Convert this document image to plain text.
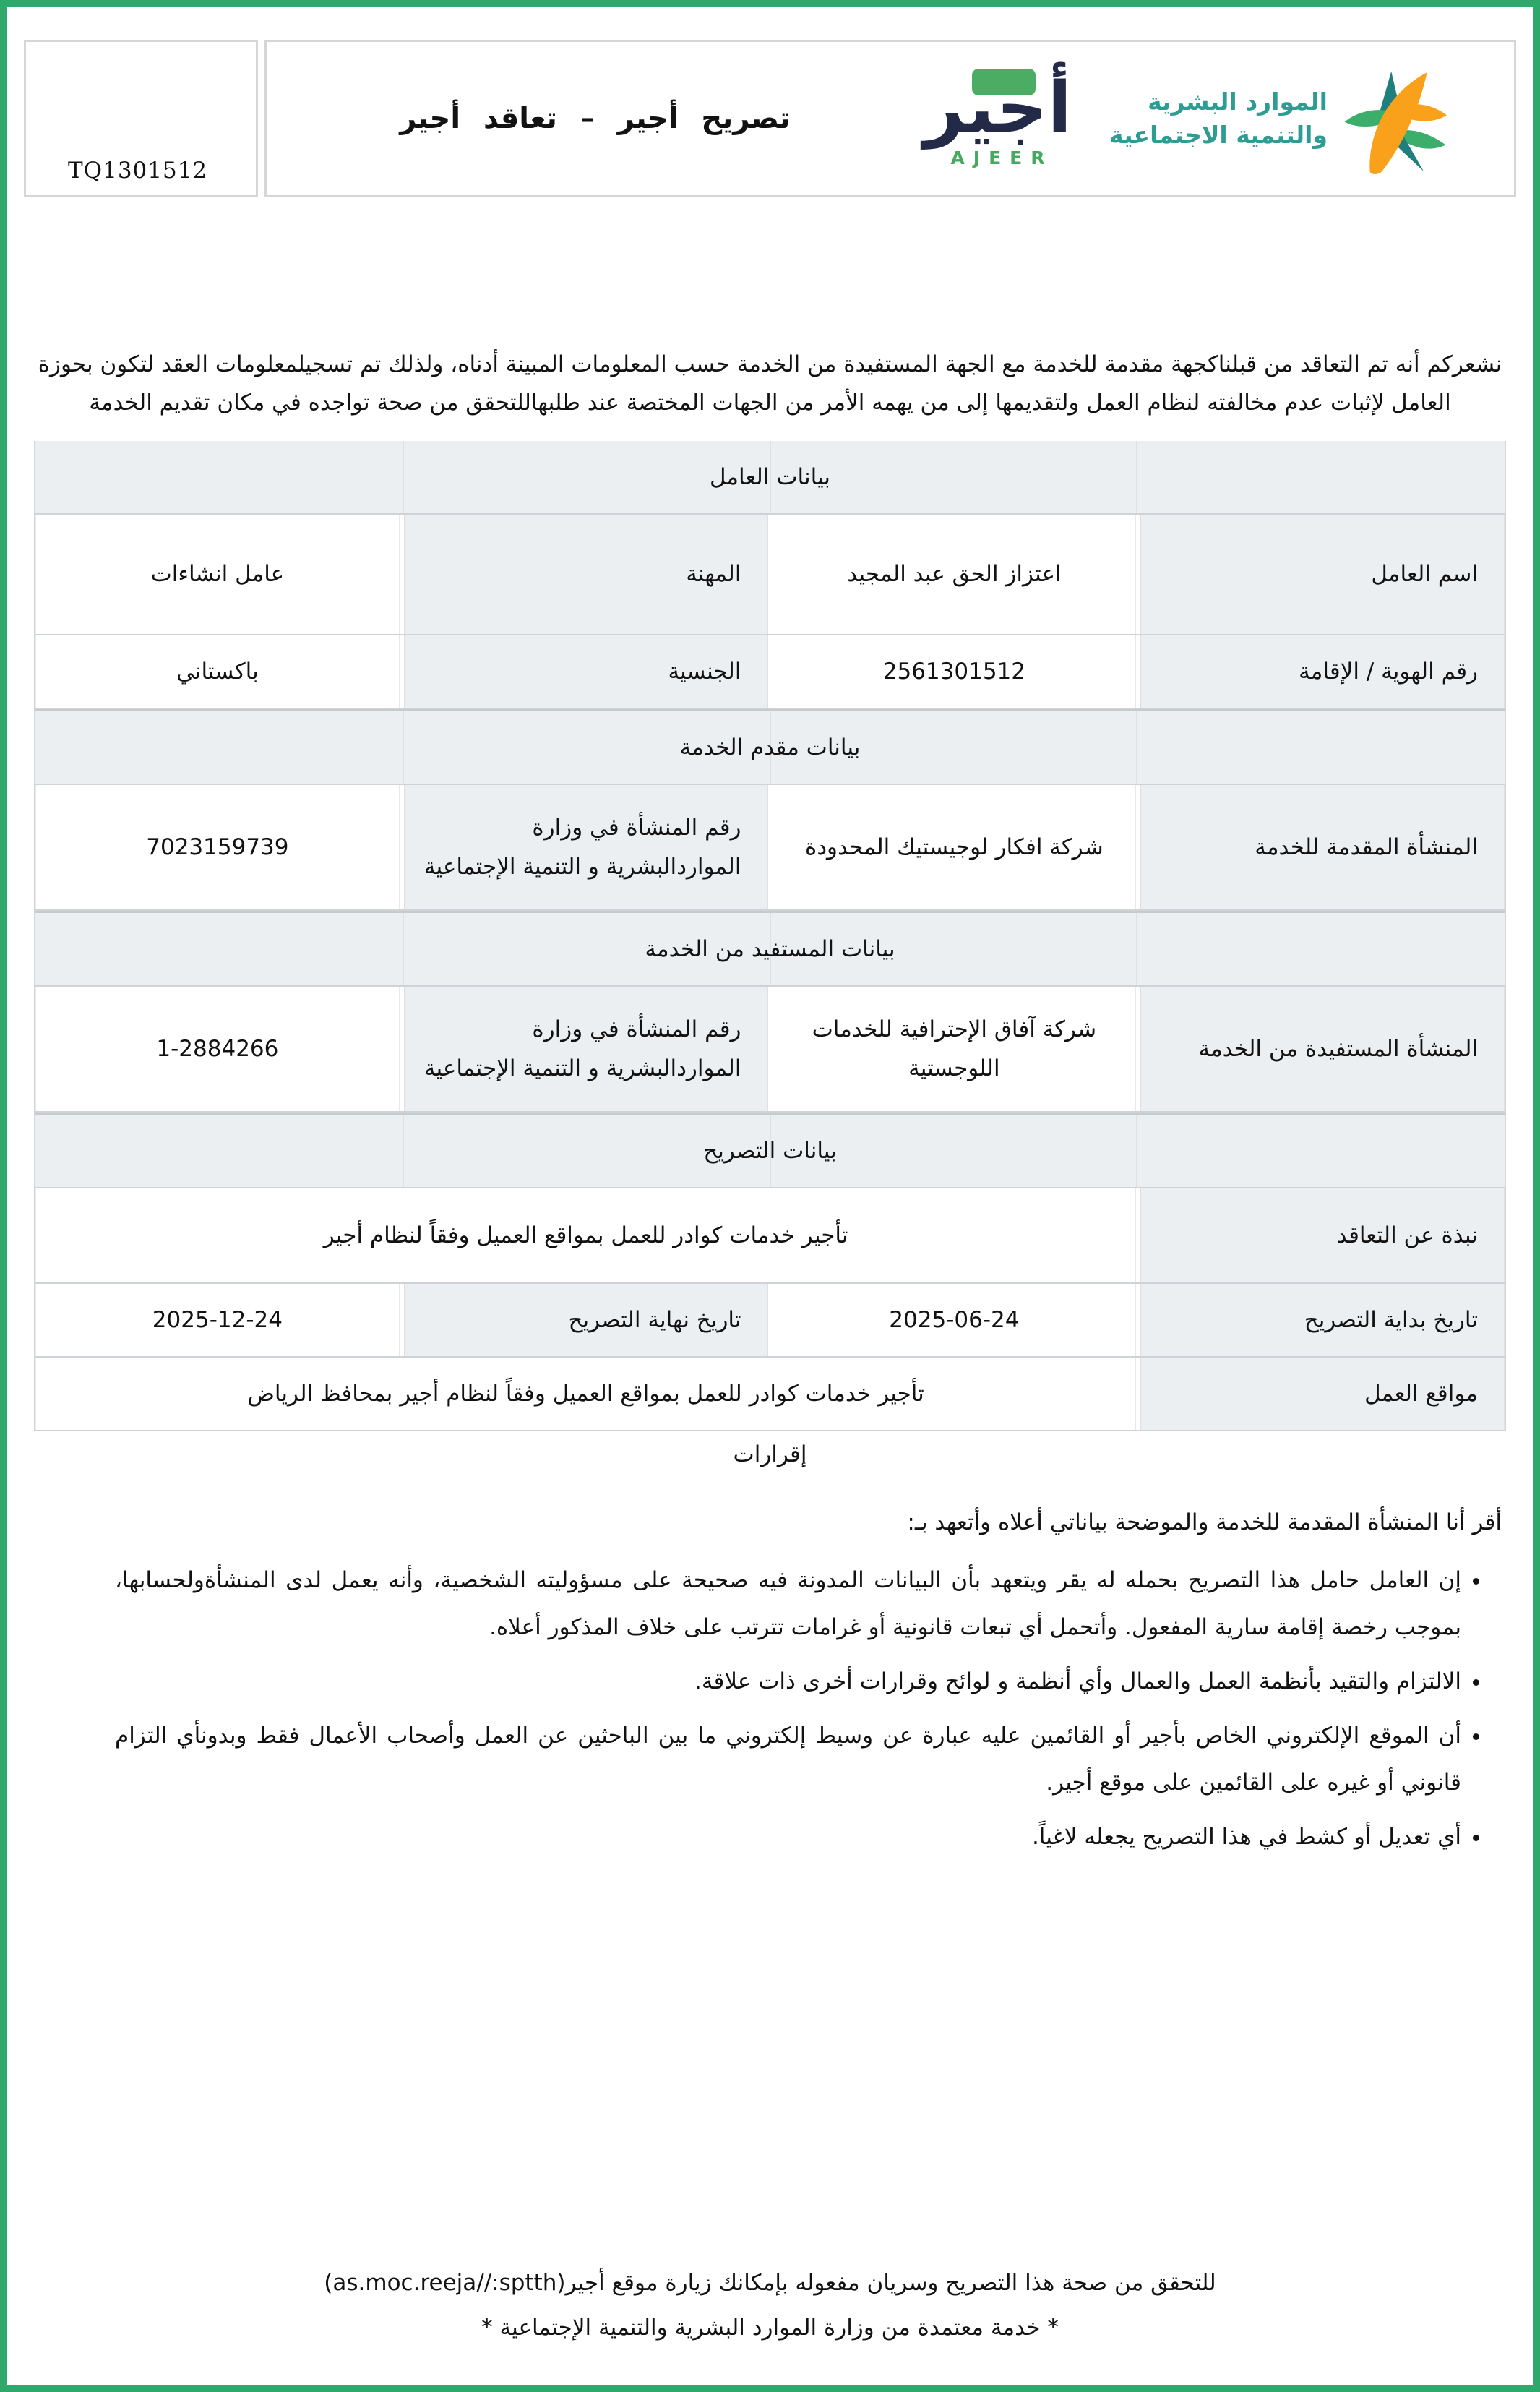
TQ1301512
تصريح أجير – تعاقد أجير	أجير
AJEER
الموارد البشرية
والتنمية الاجتماعية

نشعركم أنه تم التعاقد من قبلناكجهة مقدمة للخدمة مع الجهة المستفيدة من الخدمة حسب المعلومات المبينة أدناه، ولذلك تم تسجيلمعلومات العقد لتكون بحوزة العامل لإثبات عدم مخالفته لنظام العمل ولتقديمها إلى من يهمه الأمر من الجهات المختصة عند طلبهاللتحقق من صحة تواجده في مكان تقديم الخدمة

بيانات العامل
اسم العامل
اعتزاز الحق عبد المجيد
المهنة
عامل انشاءات
رقم الهوية / الإقامة
2561301512
الجنسية
باكستاني
بيانات مقدم الخدمة
المنشأة المقدمة للخدمة
شركة افكار لوجيستيك المحدودة
رقم المنشأة في وزارة المواردالبشرية و التنمية الإجتماعية
7023159739
بيانات المستفيد من الخدمة
المنشأة المستفيدة من الخدمة
شركة آفاق الإحترافية للخدمات اللوجستية
رقم المنشأة في وزارة المواردالبشرية و التنمية الإجتماعية
1-2884266
بيانات التصريح
نبذة عن التعاقد
تأجير خدمات كوادر للعمل بمواقع العميل وفقاً لنظام أجير
تاريخ بداية التصريح
2025-06-24
تاريخ نهاية التصريح
2025-12-24
مواقع العمل
تأجير خدمات كوادر للعمل بمواقع العميل وفقاً لنظام أجير بمحافظ الرياض
إقرارات
أقر أنا المنشأة المقدمة للخدمة والموضحة بياناتي أعلاه وأتعهد بـ:
• إن العامل حامل هذا التصريح بحمله له يقر ويتعهد بأن البيانات المدونة فيه صحيحة على مسؤوليته الشخصية، وأنه يعمل لدى المنشأةولحسابها، بموجب رخصة إقامة سارية المفعول. وأتحمل أي تبعات قانونية أو غرامات تترتب على خلاف المذكور أعلاه.
• الالتزام والتقيد بأنظمة العمل والعمال وأي أنظمة و لوائح وقرارات أخرى ذات علاقة.
• أن الموقع الإلكتروني الخاص بأجير أو القائمين عليه عبارة عن وسيط إلكتروني ما بين الباحثين عن العمل وأصحاب الأعمال فقط وبدونأي التزام قانوني أو غيره على القائمين على موقع أجير.
• أي تعديل أو كشط في هذا التصريح يجعله لاغياً.
للتحقق من صحة هذا التصريح وسريان مفعوله بإمكانك زيارة موقع أجير(as.moc.reeja//:sptth)
* خدمة معتمدة من وزارة الموارد البشرية والتنمية الإجتماعية *
